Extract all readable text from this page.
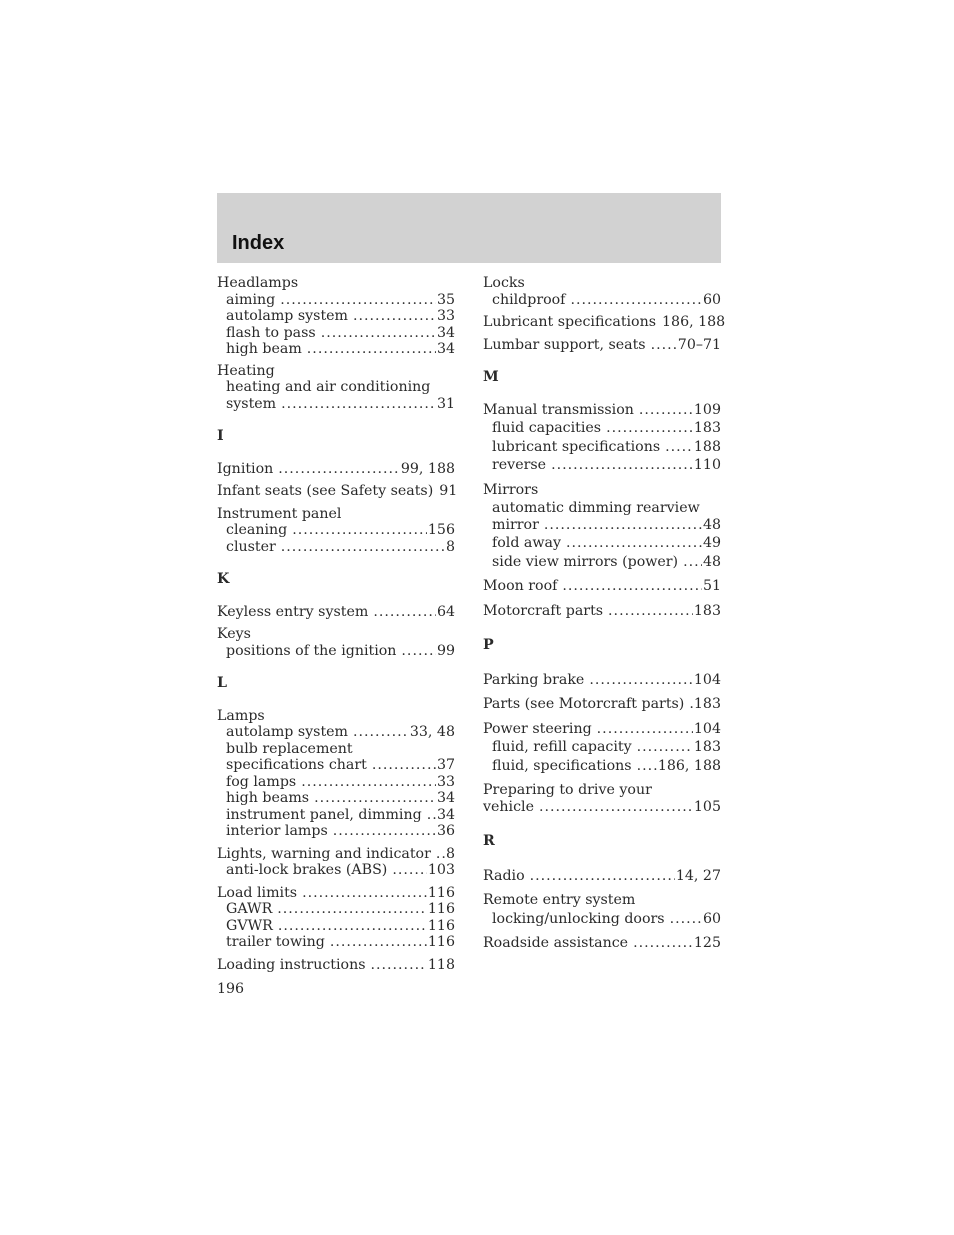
Index
Headlamps
aiming .....	35
autolamp system .....	33
flash to pass .....	34
high beam .....	34
Heating
heating and air conditioning
system .....	31
I
Ignition .....	99, 188
Infant seats (see Safety seats) 91
Instrument panel
cleaning .....	156
cluster .....	8
K
Keyless entry system .....	64
Keys
positions of the ignition .....	99
L
Lamps
autolamp system .....	33, 48
bulb replacement
specifications chart .....	37
fog lamps .....	33
high beams .....	34
instrument panel, dimming ..... 34
interior lamps .....	36
Lights, warning and indicator ..... 8
anti-lock brakes (ABS) .....	103
Load limits .....	116
GAWR .....	116
GVWR .....	116
trailer towing .....	116
Loading instructions .....	118
Locks
childproof .....	60
Lubricant specifications 186, 188
Lumbar support, seats ..... 70–71
M
Manual transmission .....	109
fluid capacities .....	183
lubricant specifications ..... 188
reverse .....	110
Mirrors
automatic dimming rearview
mirror .....	48
fold away .....	49
side view mirrors (power) ..... 48
Moon roof .....	51
Motorcraft parts .....	183
P
Parking brake .....	104
Parts (see Motorcraft parts) ..... 183
Power steering .....	104
fluid, refill capacity .....	183
fluid, specifications ..... 186, 188
Preparing to drive your
vehicle .....	105
R
Radio .....	14, 27
Remote entry system
locking/unlocking doors .....	60
Roadside assistance .....	125
196
